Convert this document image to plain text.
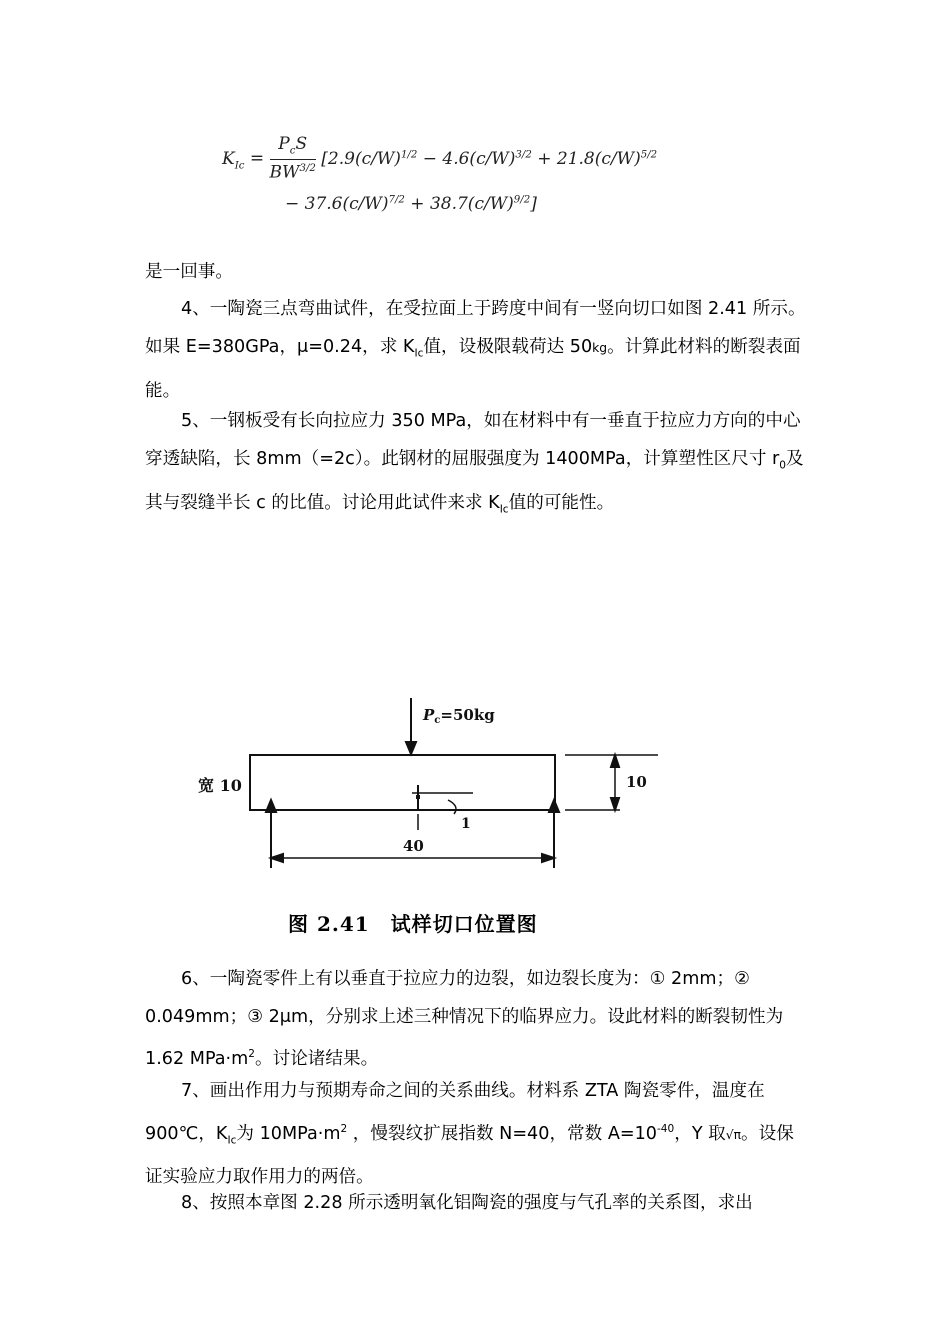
$K_{Ic}$ =
$P_cS$
$BW^{3/2}$
[$2.9(c/W)^{1/2} - 4.6(c/W)^{3/2} + 21.8(c/W)^{5/2}$
− $37.6(c/W)^{7/2} + 38.7(c/W)^{9/2}$]

是一回事。

4、一陶瓷三点弯曲试件，在受拉面上于跨度中间有一竖向切口如图 2.41 所示。如果 E=380GPa，μ=0.24，求 $K_{Ic}$值，设极限载荷达 50kg。计算此材料的断裂表面能。

5、一钢板受有长向拉应力 350 MPa，如在材料中有一垂直于拉应力方向的中心穿透缺陷，长 8mm（=2c）。此钢材的屈服强度为 1400MPa，计算塑性区尺寸 $r_0$及其与裂缝半长 c 的比值。讨论用此试件来求 $K_{Ic}$值的可能性。

$P_c=50kg$
宽 10	10
1
40
图 2.41　试样切口位置图

6、一陶瓷零件上有以垂直于拉应力的边裂，如边裂长度为：① 2mm；② 0.049mm；③ 2μm，分别求上述三种情况下的临界应力。设此材料的断裂韧性为 1.62 $MPa\cdot m^2$。讨论诸结果。

7、画出作用力与预期寿命之间的关系曲线。材料系 ZTA 陶瓷零件，温度在 900℃，$K_{Ic}$为 $10MPa\cdot m^2$ ，慢裂纹扩展指数 N=40，常数 $A=10^{-40}$，Y 取√π。设保证实验应力取作用力的两倍。

8、按照本章图 2.28 所示透明氧化铝陶瓷的强度与气孔率的关系图，求出
